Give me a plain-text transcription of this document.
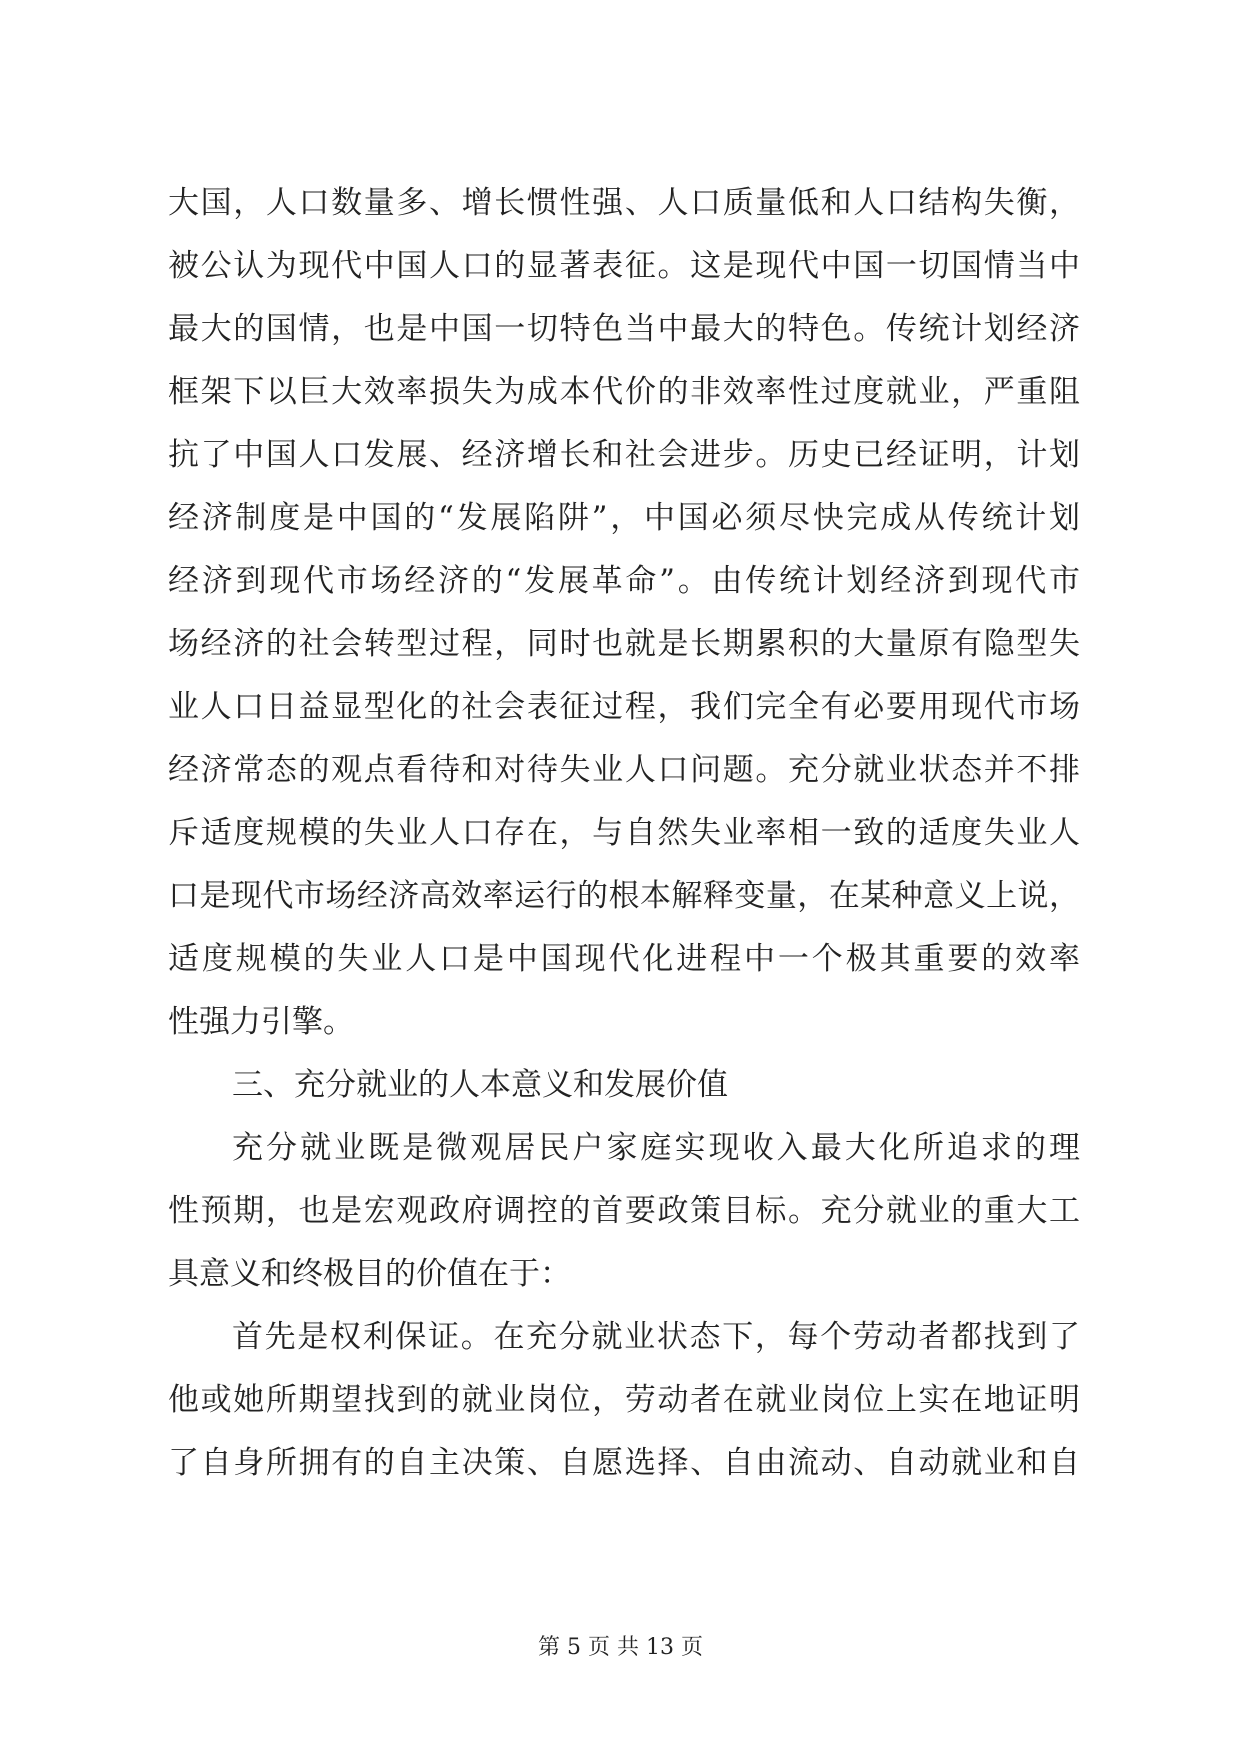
大国，人口数量多、增长惯性强、人口质量低和人口结构失衡，
被公认为现代中国人口的显著表征。这是现代中国一切国情当中
最大的国情，也是中国一切特色当中最大的特色。传统计划经济
框架下以巨大效率损失为成本代价的非效率性过度就业，严重阻
抗了中国人口发展、经济增长和社会进步。历史已经证明，计划
经济制度是中国的“发展陷阱”，中国必须尽快完成从传统计划
经济到现代市场经济的“发展革命”。由传统计划经济到现代市
场经济的社会转型过程，同时也就是长期累积的大量原有隐型失
业人口日益显型化的社会表征过程，我们完全有必要用现代市场
经济常态的观点看待和对待失业人口问题。充分就业状态并不排
斥适度规模的失业人口存在，与自然失业率相一致的适度失业人
口是现代市场经济高效率运行的根本解释变量，在某种意义上说，
适度规模的失业人口是中国现代化进程中一个极其重要的效率
性强力引擎。
三、充分就业的人本意义和发展价值
充分就业既是微观居民户家庭实现收入最大化所追求的理
性预期，也是宏观政府调控的首要政策目标。充分就业的重大工
具意义和终极目的价值在于：
首先是权利保证。在充分就业状态下，每个劳动者都找到了
他或她所期望找到的就业岗位，劳动者在就业岗位上实在地证明
了自身所拥有的自主决策、自愿选择、自由流动、自动就业和自
第 5 页 共 13 页
